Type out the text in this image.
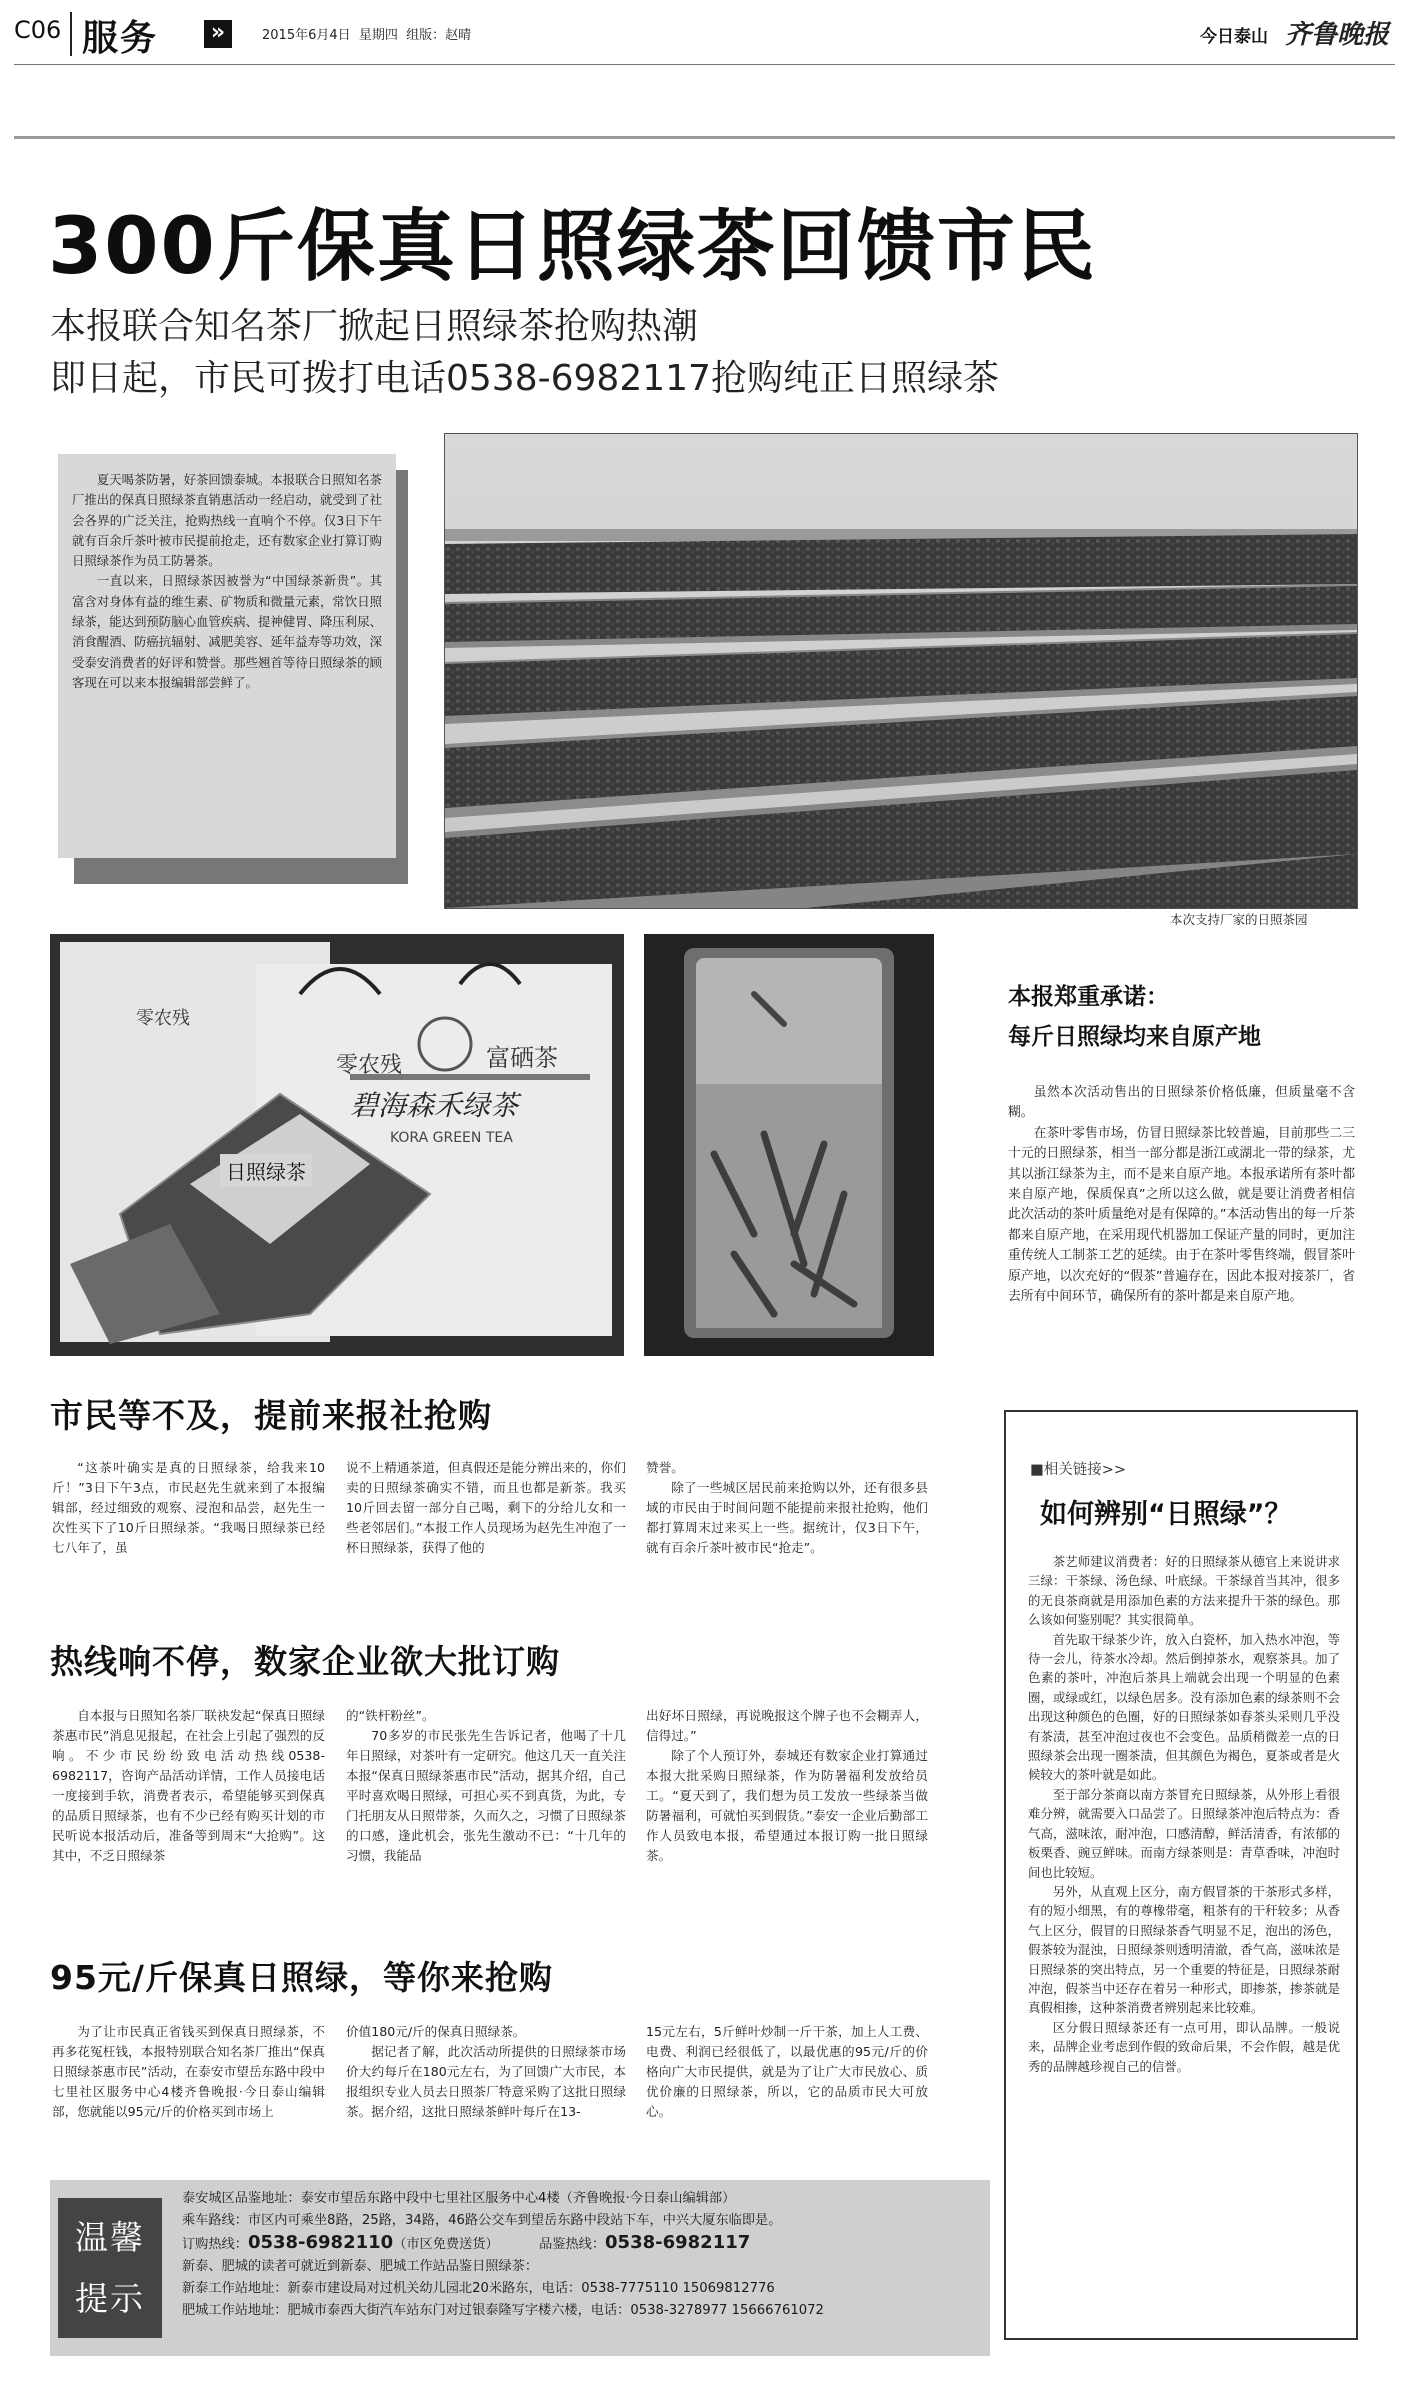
C06 服务	»	2015年6月4日  星期四  组版：赵晴	今日泰山 齐鲁晚报
300斤保真日照绿茶回馈市民
本报联合知名茶厂掀起日照绿茶抢购热潮
即日起，市民可拨打电话0538-6982117抢购纯正日照绿茶

夏天喝茶防暑，好茶回馈泰城。本报联合日照知名茶厂推出的保真日照绿茶直销惠活动一经启动，就受到了社会各界的广泛关注，抢购热线一直响个不停。仅3日下午就有百余斤茶叶被市民提前抢走，还有数家企业打算订购日照绿茶作为员工防暑茶。

一直以来，日照绿茶因被誉为“中国绿茶新贵”。其富含对身体有益的维生素、矿物质和微量元素，常饮日照绿茶，能达到预防脑心血管疾病、提神健胃、降压利尿、消食醒酒、防癌抗辐射、减肥美容、延年益寿等功效，深受泰安消费者的好评和赞誉。那些翘首等待日照绿茶的顾客现在可以来本报编辑部尝鲜了。

本次支持厂家的日照茶园
零农残
零农残	富硒茶
碧海森禾绿茶
KORA GREEN TEA
日照绿茶
本报郑重承诺：
每斤日照绿均来自原产地

虽然本次活动售出的日照绿茶价格低廉，但质量毫不含糊。

在茶叶零售市场，仿冒日照绿茶比较普遍，目前那些二三十元的日照绿茶，相当一部分都是浙江或湖北一带的绿茶，尤其以浙江绿茶为主，而不是来自原产地。本报承诺所有茶叶都来自原产地，保质保真”之所以这么做，就是要让消费者相信此次活动的茶叶质量绝对是有保障的。”本活动售出的每一斤茶都来自原产地，在采用现代机器加工保证产量的同时，更加注重传统人工制茶工艺的延续。由于在茶叶零售终端，假冒茶叶原产地，以次充好的“假茶”普遍存在，因此本报对接茶厂，省去所有中间环节，确保所有的茶叶都是来自原产地。

市民等不及，提前来报社抢购

“这茶叶确实是真的日照绿茶，给我来10斤！”3日下午3点，市民赵先生就来到了本报编辑部，经过细致的观察、浸泡和品尝，赵先生一次性买下了10斤日照绿茶。“我喝日照绿茶已经七八年了，虽

说不上精通茶道，但真假还是能分辨出来的，你们卖的日照绿茶确实不错，而且也都是新茶。我买10斤回去留一部分自己喝，剩下的分给儿女和一些老邻居们。”本报工作人员现场为赵先生冲泡了一杯日照绿茶，获得了他的

赞誉。

除了一些城区居民前来抢购以外，还有很多县域的市民由于时间问题不能提前来报社抢购，他们都打算周末过来买上一些。据统计，仅3日下午，就有百余斤茶叶被市民“抢走”。

热线响不停，数家企业欲大批订购

自本报与日照知名茶厂联袂发起“保真日照绿茶惠市民”消息见报起，在社会上引起了强烈的反响。不少市民纷纷致电活动热线0538-6982117，咨询产品活动详情，工作人员接电话一度接到手软，消费者表示，希望能够买到保真的品质日照绿茶，也有不少已经有购买计划的市民听说本报活动后，准备等到周末“大抢购”。这其中，不乏日照绿茶

的“铁杆粉丝”。

70多岁的市民张先生告诉记者，他喝了十几年日照绿，对茶叶有一定研究。他这几天一直关注本报“保真日照绿茶惠市民”活动，据其介绍，自己平时喜欢喝日照绿，可担心买不到真货，为此，专门托朋友从日照带茶，久而久之，习惯了日照绿茶的口感，逢此机会，张先生激动不已：“十几年的习惯，我能品

出好坏日照绿，再说晚报这个牌子也不会糊弄人，信得过。”

除了个人预订外，泰城还有数家企业打算通过本报大批采购日照绿茶，作为防暑福利发放给员工。“夏天到了，我们想为员工发放一些绿茶当做防暑福利，可就怕买到假货。”泰安一企业后勤部工作人员致电本报，希望通过本报订购一批日照绿茶。

95元/斤保真日照绿，等你来抢购

为了让市民真正省钱买到保真日照绿茶，不再多花冤枉钱，本报特别联合知名茶厂推出“保真日照绿茶惠市民”活动，在泰安市望岳东路中段中七里社区服务中心4楼齐鲁晚报·今日泰山编辑部，您就能以95元/斤的价格买到市场上

价值180元/斤的保真日照绿茶。

据记者了解，此次活动所提供的日照绿茶市场价大约每斤在180元左右，为了回馈广大市民，本报组织专业人员去日照茶厂特意采购了这批日照绿茶。据介绍，这批日照绿茶鲜叶每斤在13-

15元左右，5斤鲜叶炒制一斤干茶，加上人工费、电费、利润已经很低了，以最优惠的95元/斤的价格向广大市民提供，就是为了让广大市民放心、质优价廉的日照绿茶，所以，它的品质市民大可放心。

■相关链接>>
如何辨别“日照绿”？

茶艺师建议消费者：好的日照绿茶从德官上来说讲求三绿：干茶绿、汤色绿、叶底绿。干茶绿首当其冲，很多的无良茶商就是用添加色素的方法来提升干茶的绿色。那么该如何鉴别呢？其实很简单。

首先取干绿茶少许，放入白瓷杯，加入热水冲泡，等待一会儿，待茶水冷却。然后倒掉茶水，观察茶具。加了色素的茶叶，冲泡后茶具上端就会出现一个明显的色素圈，或绿或红，以绿色居多。没有添加色素的绿茶则不会出现这种颜色的色圈，好的日照绿茶如春茶头采则几乎没有茶渍，甚至冲泡过夜也不会变色。品质稍微差一点的日照绿茶会出现一圈茶渍，但其颜色为褐色，夏茶或者是火候较大的茶叶就是如此。

至于部分茶商以南方茶冒充日照绿茶，从外形上看很难分辨，就需要入口品尝了。日照绿茶冲泡后特点为：香气高，滋味浓，耐冲泡，口感清醇，鲜活清香，有浓郁的板栗香、豌豆鲜味。而南方绿茶则是：青草香味，冲泡时间也比较短。

另外，从直观上区分，南方假冒茶的干茶形式多样，有的短小细黑，有的尊橡带毫，粗茶有的干秆较多；从香气上区分，假冒的日照绿茶香气明显不足，泡出的汤色，假茶较为混浊，日照绿茶则透明清澈，香气高，滋味浓是日照绿茶的突出特点，另一个重要的特征是，日照绿茶耐冲泡，假茶当中还存在着另一种形式，即掺茶，掺茶就是真假相掺，这种茶消费者辨别起来比较难。

区分假日照绿茶还有一点可用，即认品牌。一般说来，品牌企业考虑到作假的致命后果，不会作假，越是优秀的品牌越珍视自己的信誉。

温馨
提示
泰安城区品鉴地址：泰安市望岳东路中段中七里社区服务中心4楼（齐鲁晚报·今日泰山编辑部）
乘车路线：市区内可乘坐8路，25路，34路，46路公交车到望岳东路中段站下车，中兴大厦东临即是。
订购热线：0538-6982110（市区免费送货）	品鉴热线：0538-6982117
新泰、肥城的读者可就近到新泰、肥城工作站品鉴日照绿茶：
新泰工作站地址：新泰市建设局对过机关幼儿园北20米路东，电话：0538-7775110 15069812776
肥城工作站地址：肥城市泰西大街汽车站东门对过银泰隆写字楼六楼，电话：0538-3278977 15666761072
